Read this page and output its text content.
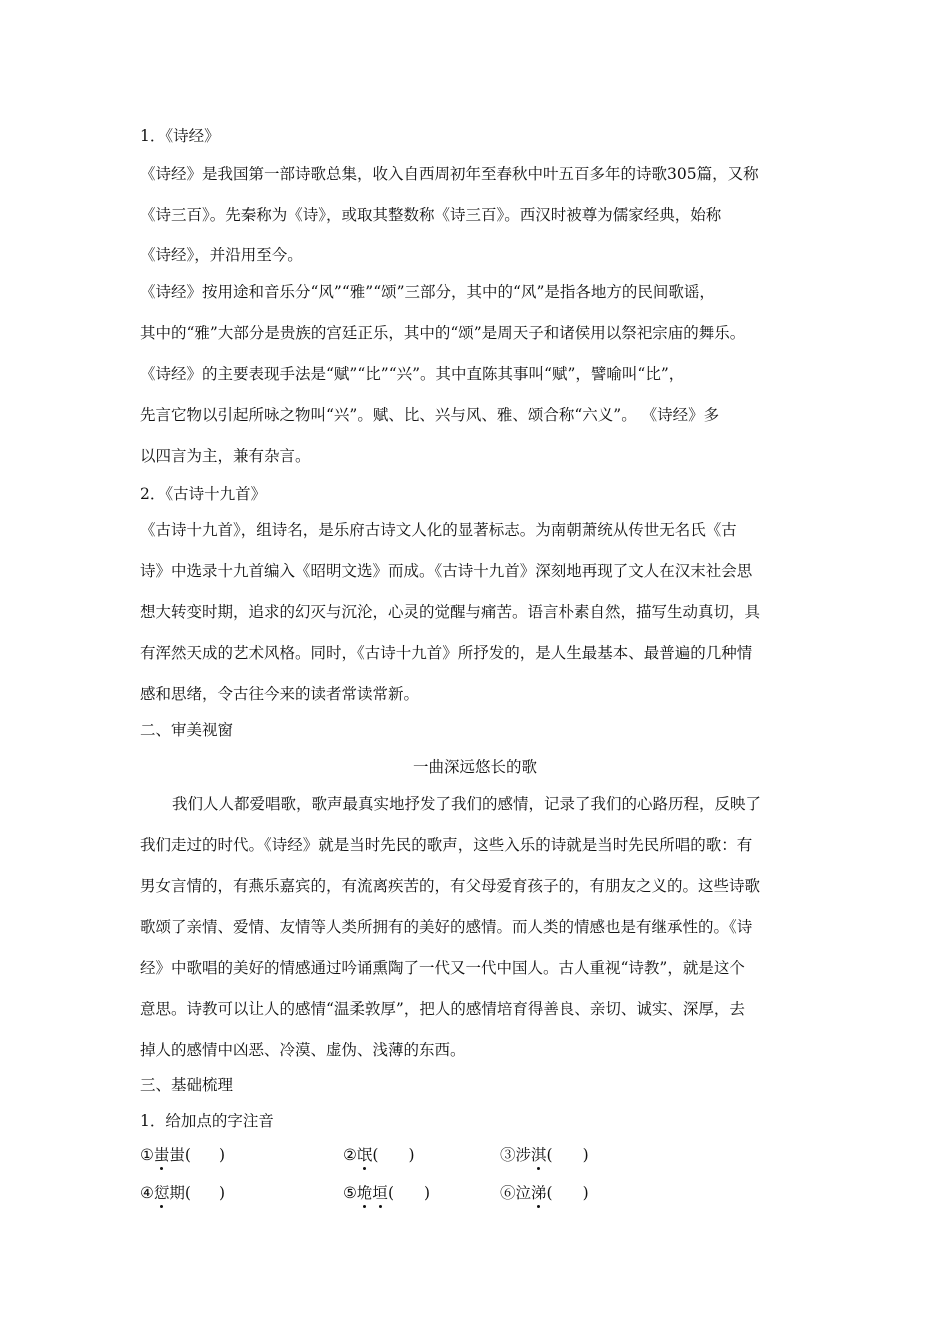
1．《诗经》
《诗经》是我国第一部诗歌总集，收入自西周初年至春秋中叶五百多年的诗歌305篇，又称
《诗三百》。先秦称为《诗》，或取其整数称《诗三百》。西汉时被尊为儒家经典，始称
《诗经》，并沿用至今。
《诗经》按用途和音乐分“风”“雅”“颂”三部分，其中的“风”是指各地方的民间歌谣，
其中的“雅”大部分是贵族的宫廷正乐，其中的“颂”是周天子和诸侯用以祭祀宗庙的舞乐。
《诗经》的主要表现手法是“赋”“比”“兴”。其中直陈其事叫“赋”，譬喻叫“比”，
先言它物以引起所咏之物叫“兴”。赋、比、兴与风、雅、颂合称“六义”。 《诗经》多
以四言为主，兼有杂言。
2．《古诗十九首》
《古诗十九首》，组诗名，是乐府古诗文人化的显著标志。为南朝萧统从传世无名氏《古
诗》中选录十九首编入《昭明文选》而成。《古诗十九首》深刻地再现了文人在汉末社会思
想大转变时期，追求的幻灭与沉沦，心灵的觉醒与痛苦。语言朴素自然，描写生动真切，具
有浑然天成的艺术风格。同时，《古诗十九首》所抒发的，是人生最基本、最普遍的几种情
感和思绪，令古往今来的读者常读常新。
二、审美视窗
一曲深远悠长的歌
我们人人都爱唱歌，歌声最真实地抒发了我们的感情，记录了我们的心路历程，反映了
我们走过的时代。《诗经》就是当时先民的歌声，这些入乐的诗就是当时先民所唱的歌：有
男女言情的，有燕乐嘉宾的，有流离疾苦的，有父母爱育孩子的，有朋友之义的。这些诗歌
歌颂了亲情、爱情、友情等人类所拥有的美好的感情。而人类的情感也是有继承性的。《诗
经》中歌唱的美好的情感通过吟诵熏陶了一代又一代中国人。古人重视“诗教”，就是这个
意思。诗教可以让人的感情“温柔敦厚”，把人的感情培育得善良、亲切、诚实、深厚，去
掉人的感情中凶恶、冷漠、虚伪、浅薄的东西。
三、基础梳理
1．给加点的字注音
①蚩蚩( )	②氓( )	③涉淇( )
④愆期( )	⑤垝垣( )	⑥泣涕( )
